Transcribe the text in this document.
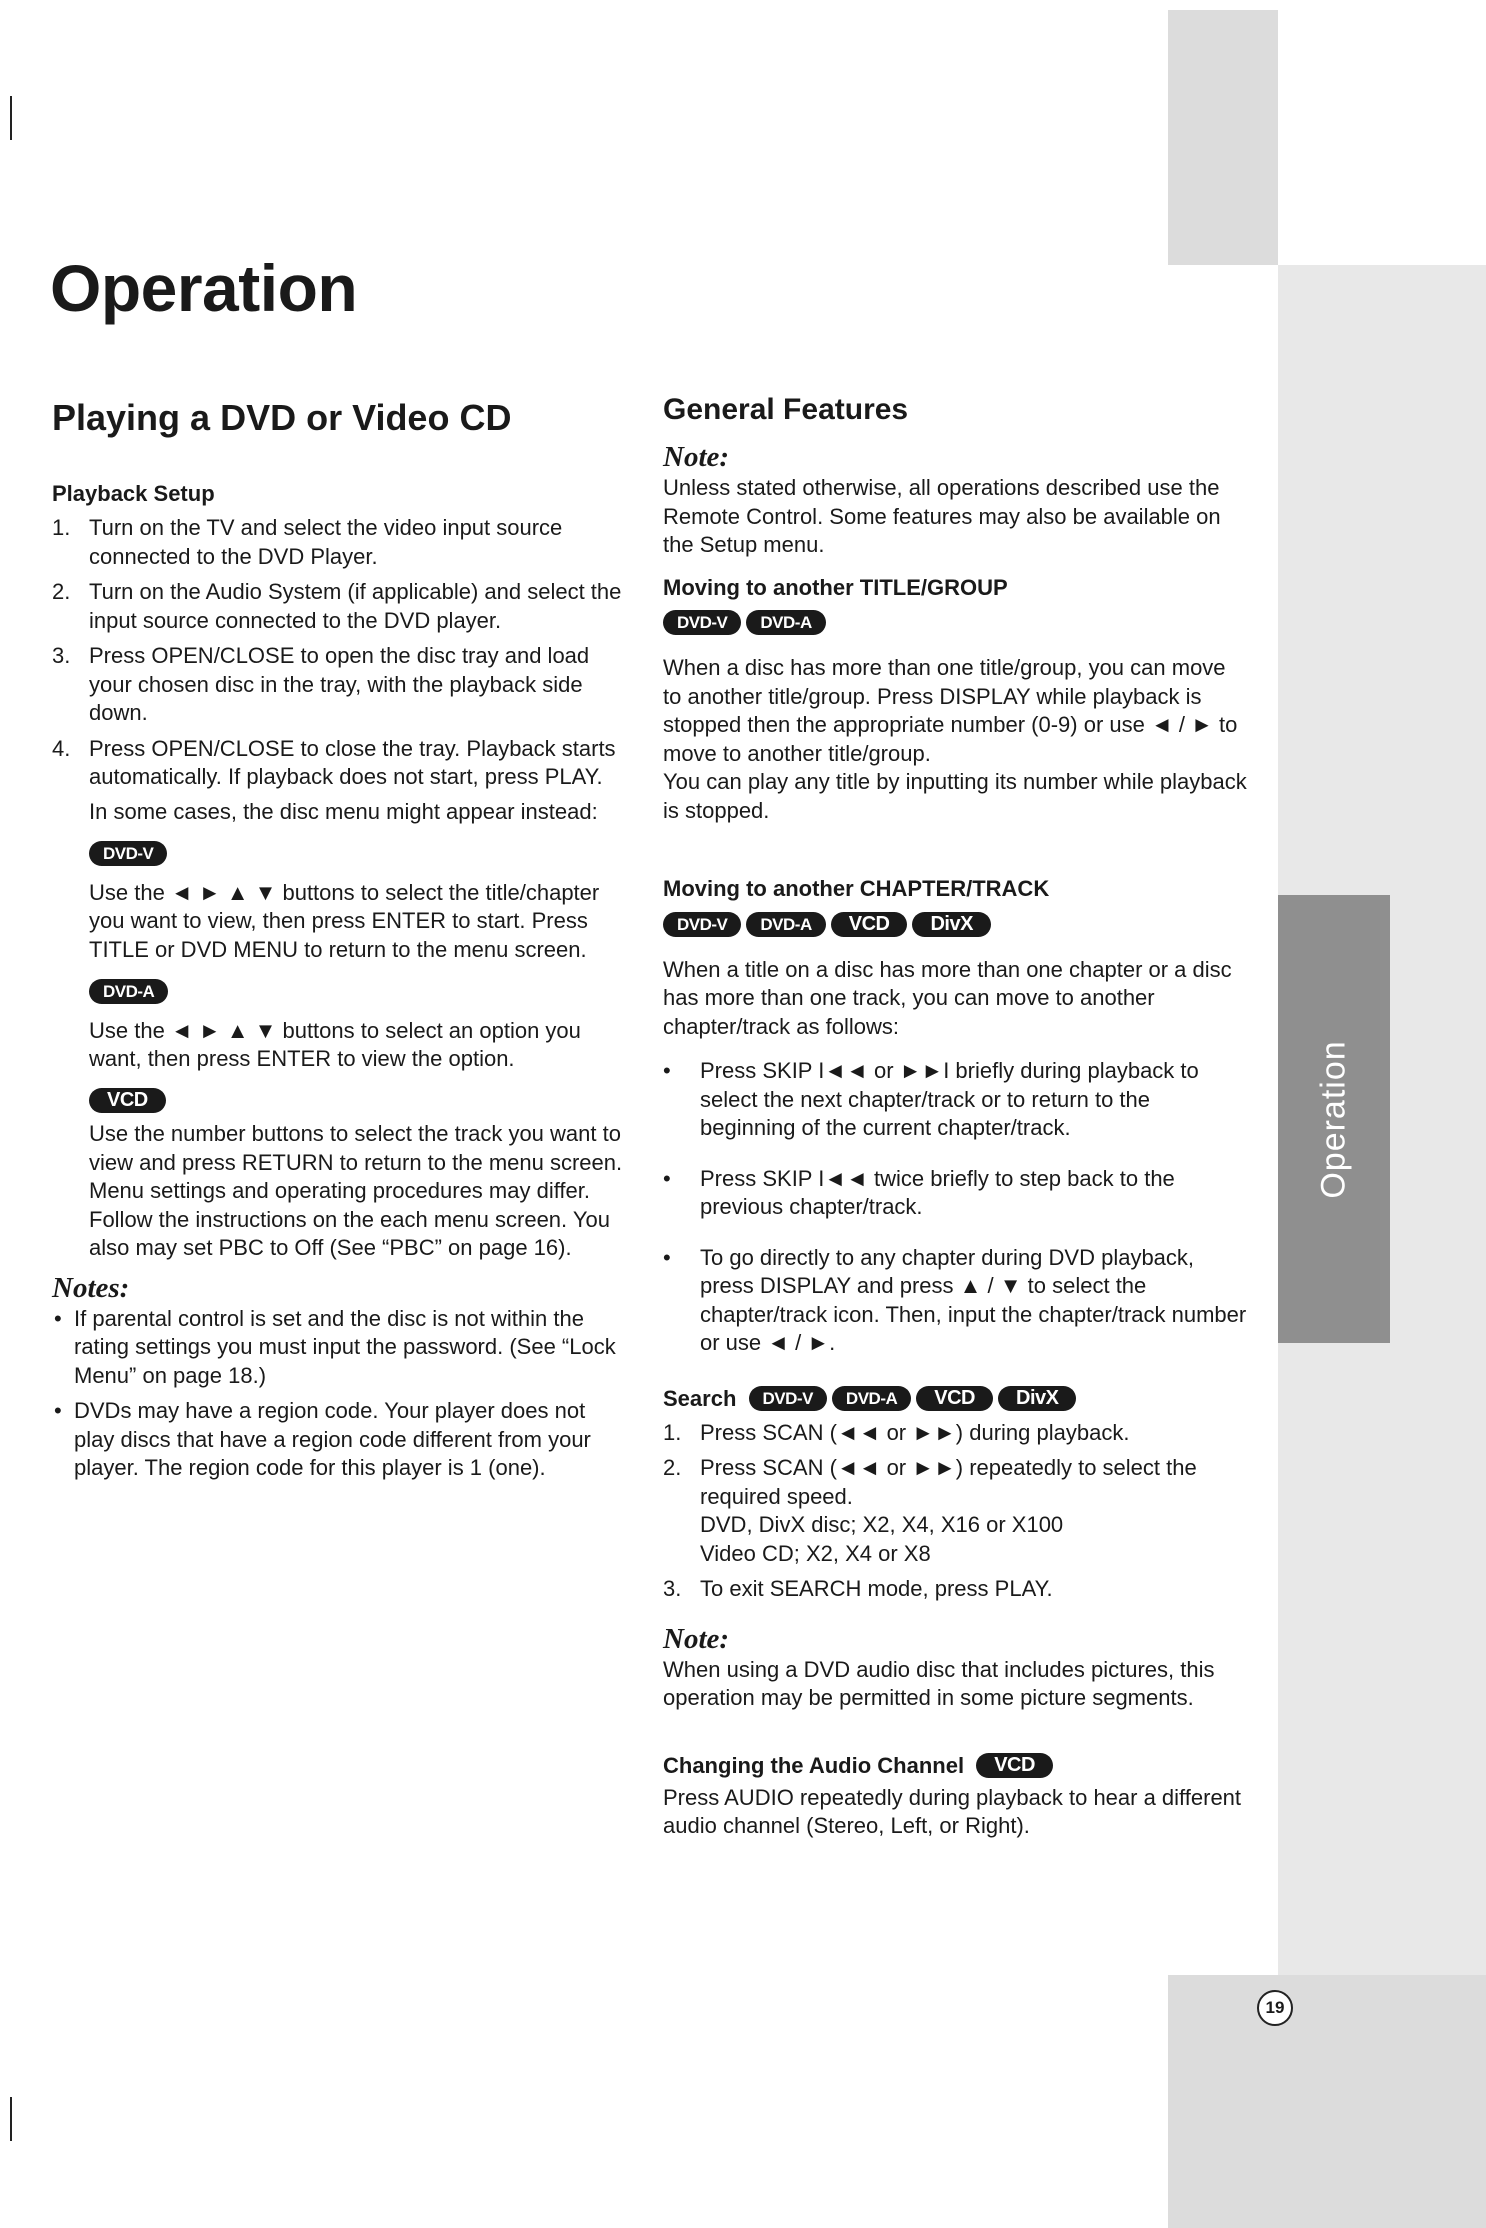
Operation
19
Operation
Playing a DVD or Video CD
Playback Setup
1. Turn on the TV and select the video input source connected to the DVD Player.
2. Turn on the Audio System (if applicable) and select the input source connected to the DVD player.
3. Press OPEN/CLOSE to open the disc tray and load your chosen disc in the tray, with the playback side down.
4. Press OPEN/CLOSE to close the tray. Playback starts automatically. If playback does not start, press PLAY.

In some cases, the disc menu might appear instead:

DVD-V

Use the ◄ ► ▲ ▼ buttons to select the title/chapter you want to view, then press ENTER to start. Press TITLE or DVD MENU to return to the menu screen.

DVD-A

Use the ◄ ► ▲ ▼ buttons to select an option you want, then press ENTER to view the option.

VCD

Use the number buttons to select the track you want to view and press RETURN to return to the menu screen. Menu settings and operating procedures may differ. Follow the instructions on the each menu screen. You also may set PBC to Off (See “PBC” on page 16).

Notes:
• If parental control is set and the disc is not within the rating settings you must input the password. (See “Lock Menu” on page 18.)
• DVDs may have a region code. Your player does not play discs that have a region code different from your player. The region code for this player is 1 (one).
General Features
Note:

Unless stated otherwise, all operations described use the Remote Control. Some features may also be available on the Setup menu.

Moving to another TITLE/GROUP
DVD-V DVD-A

When a disc has more than one title/group, you can move to another title/group. Press DISPLAY while playback is stopped then the appropriate number (0-9) or use ◄ / ► to move to another title/group.

You can play any title by inputting its number while playback is stopped.

Moving to another CHAPTER/TRACK
DVD-V DVD-A VCD DivX

When a title on a disc has more than one chapter or a disc has more than one track, you can move to another chapter/track as follows:

• Press SKIP I◄◄ or ►►I briefly during playback to select the next chapter/track or to return to the beginning of the current chapter/track.
• Press SKIP I◄◄ twice briefly to step back to the previous chapter/track.
• To go directly to any chapter during DVD playback, press DISPLAY and press ▲ / ▼ to select the chapter/track icon. Then, input the chapter/track number or use ◄ / ►.
Search DVD-V DVD-A VCD DivX
1. Press SCAN (◄◄ or ►►) during playback.
2. Press SCAN (◄◄ or ►►) repeatedly to select the required speed.
DVD, DivX disc; X2, X4, X16 or X100
Video CD; X2, X4 or X8
3. To exit SEARCH mode, press PLAY.
Note:

When using a DVD audio disc that includes pictures, this operation may be permitted in some picture segments.

Changing the Audio Channel VCD

Press AUDIO repeatedly during playback to hear a different audio channel (Stereo, Left, or Right).
